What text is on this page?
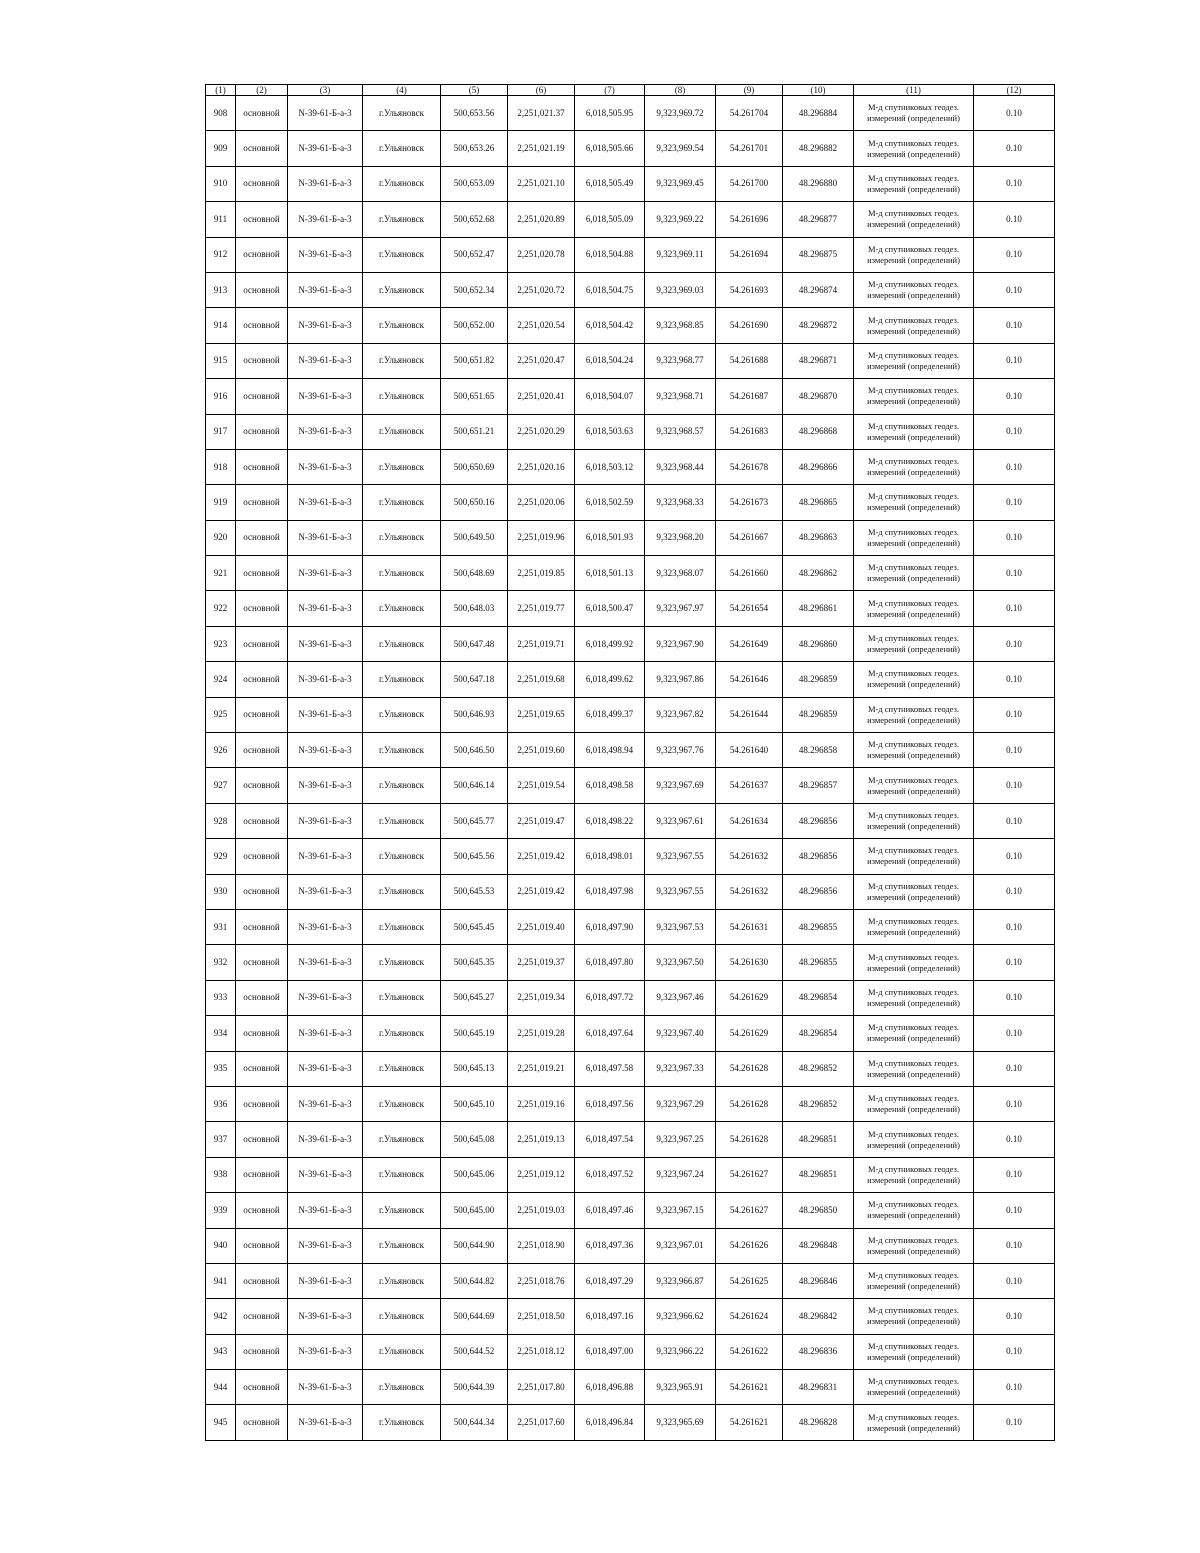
(1)	(2)	(3)	(4)	(5)	(6)	(7)	(8)	(9)	(10)	(11)	(12)
908	основной	N-39-61-Б-а-3	г.Ульяновск	500,653.56	2,251,021.37	6,018,505.95	9,323,969.72	54.261704	48.296884	М-д спутниковых геодез. измерений (определений)	0.10
909	основной	N-39-61-Б-а-3	г.Ульяновск	500,653.26	2,251,021.19	6,018,505.66	9,323,969.54	54.261701	48.296882	М-д спутниковых геодез. измерений (определений)	0.10
910	основной	N-39-61-Б-а-3	г.Ульяновск	500,653.09	2,251,021.10	6,018,505.49	9,323,969.45	54.261700	48.296880	М-д спутниковых геодез. измерений (определений)	0.10
911	основной	N-39-61-Б-а-3	г.Ульяновск	500,652.68	2,251,020.89	6,018,505.09	9,323,969.22	54.261696	48.296877	М-д спутниковых геодез. измерений (определений)	0.10
912	основной	N-39-61-Б-а-3	г.Ульяновск	500,652.47	2,251,020.78	6,018,504.88	9,323,969.11	54.261694	48.296875	М-д спутниковых геодез. измерений (определений)	0.10
913	основной	N-39-61-Б-а-3	г.Ульяновск	500,652.34	2,251,020.72	6,018,504.75	9,323,969.03	54.261693	48.296874	М-д спутниковых геодез. измерений (определений)	0.10
914	основной	N-39-61-Б-а-3	г.Ульяновск	500,652.00	2,251,020.54	6,018,504.42	9,323,968.85	54.261690	48.296872	М-д спутниковых геодез. измерений (определений)	0.10
915	основной	N-39-61-Б-а-3	г.Ульяновск	500,651.82	2,251,020.47	6,018,504.24	9,323,968.77	54.261688	48.296871	М-д спутниковых геодез. измерений (определений)	0.10
916	основной	N-39-61-Б-а-3	г.Ульяновск	500,651.65	2,251,020.41	6,018,504.07	9,323,968.71	54.261687	48.296870	М-д спутниковых геодез. измерений (определений)	0.10
917	основной	N-39-61-Б-а-3	г.Ульяновск	500,651.21	2,251,020.29	6,018,503.63	9,323,968.57	54.261683	48.296868	М-д спутниковых геодез. измерений (определений)	0.10
918	основной	N-39-61-Б-а-3	г.Ульяновск	500,650.69	2,251,020.16	6,018,503.12	9,323,968.44	54.261678	48.296866	М-д спутниковых геодез. измерений (определений)	0.10
919	основной	N-39-61-Б-а-3	г.Ульяновск	500,650.16	2,251,020.06	6,018,502.59	9,323,968.33	54.261673	48.296865	М-д спутниковых геодез. измерений (определений)	0.10
920	основной	N-39-61-Б-а-3	г.Ульяновск	500,649.50	2,251,019.96	6,018,501.93	9,323,968.20	54.261667	48.296863	М-д спутниковых геодез. измерений (определений)	0.10
921	основной	N-39-61-Б-а-3	г.Ульяновск	500,648.69	2,251,019.85	6,018,501.13	9,323,968.07	54.261660	48.296862	М-д спутниковых геодез. измерений (определений)	0.10
922	основной	N-39-61-Б-а-3	г.Ульяновск	500,648.03	2,251,019.77	6,018,500.47	9,323,967.97	54.261654	48.296861	М-д спутниковых геодез. измерений (определений)	0.10
923	основной	N-39-61-Б-а-3	г.Ульяновск	500,647.48	2,251,019.71	6,018,499.92	9,323,967.90	54.261649	48.296860	М-д спутниковых геодез. измерений (определений)	0.10
924	основной	N-39-61-Б-а-3	г.Ульяновск	500,647.18	2,251,019.68	6,018,499.62	9,323,967.86	54.261646	48.296859	М-д спутниковых геодез. измерений (определений)	0.10
925	основной	N-39-61-Б-а-3	г.Ульяновск	500,646.93	2,251,019.65	6,018,499.37	9,323,967.82	54.261644	48.296859	М-д спутниковых геодез. измерений (определений)	0.10
926	основной	N-39-61-Б-а-3	г.Ульяновск	500,646.50	2,251,019.60	6,018,498.94	9,323,967.76	54.261640	48.296858	М-д спутниковых геодез. измерений (определений)	0.10
927	основной	N-39-61-Б-а-3	г.Ульяновск	500,646.14	2,251,019.54	6,018,498.58	9,323,967.69	54.261637	48.296857	М-д спутниковых геодез. измерений (определений)	0.10
928	основной	N-39-61-Б-а-3	г.Ульяновск	500,645.77	2,251,019.47	6,018,498.22	9,323,967.61	54.261634	48.296856	М-д спутниковых геодез. измерений (определений)	0.10
929	основной	N-39-61-Б-а-3	г.Ульяновск	500,645.56	2,251,019.42	6,018,498.01	9,323,967.55	54.261632	48.296856	М-д спутниковых геодез. измерений (определений)	0.10
930	основной	N-39-61-Б-а-3	г.Ульяновск	500,645.53	2,251,019.42	6,018,497.98	9,323,967.55	54.261632	48.296856	М-д спутниковых геодез. измерений (определений)	0.10
931	основной	N-39-61-Б-а-3	г.Ульяновск	500,645.45	2,251,019.40	6,018,497.90	9,323,967.53	54.261631	48.296855	М-д спутниковых геодез. измерений (определений)	0.10
932	основной	N-39-61-Б-а-3	г.Ульяновск	500,645.35	2,251,019.37	6,018,497.80	9,323,967.50	54.261630	48.296855	М-д спутниковых геодез. измерений (определений)	0.10
933	основной	N-39-61-Б-а-3	г.Ульяновск	500,645.27	2,251,019.34	6,018,497.72	9,323,967.46	54.261629	48.296854	М-д спутниковых геодез. измерений (определений)	0.10
934	основной	N-39-61-Б-а-3	г.Ульяновск	500,645.19	2,251,019.28	6,018,497.64	9,323,967.40	54.261629	48.296854	М-д спутниковых геодез. измерений (определений)	0.10
935	основной	N-39-61-Б-а-3	г.Ульяновск	500,645.13	2,251,019.21	6,018,497.58	9,323,967.33	54.261628	48.296852	М-д спутниковых геодез. измерений (определений)	0.10
936	основной	N-39-61-Б-а-3	г.Ульяновск	500,645.10	2,251,019.16	6,018,497.56	9,323,967.29	54.261628	48.296852	М-д спутниковых геодез. измерений (определений)	0.10
937	основной	N-39-61-Б-а-3	г.Ульяновск	500,645.08	2,251,019.13	6,018,497.54	9,323,967.25	54.261628	48.296851	М-д спутниковых геодез. измерений (определений)	0.10
938	основной	N-39-61-Б-а-3	г.Ульяновск	500,645.06	2,251,019.12	6,018,497.52	9,323,967.24	54.261627	48.296851	М-д спутниковых геодез. измерений (определений)	0.10
939	основной	N-39-61-Б-а-3	г.Ульяновск	500,645.00	2,251,019.03	6,018,497.46	9,323,967.15	54.261627	48.296850	М-д спутниковых геодез. измерений (определений)	0.10
940	основной	N-39-61-Б-а-3	г.Ульяновск	500,644.90	2,251,018.90	6,018,497.36	9,323,967.01	54.261626	48.296848	М-д спутниковых геодез. измерений (определений)	0.10
941	основной	N-39-61-Б-а-3	г.Ульяновск	500,644.82	2,251,018.76	6,018,497.29	9,323,966.87	54.261625	48.296846	М-д спутниковых геодез. измерений (определений)	0.10
942	основной	N-39-61-Б-а-3	г.Ульяновск	500,644.69	2,251,018.50	6,018,497.16	9,323,966.62	54.261624	48.296842	М-д спутниковых геодез. измерений (определений)	0.10
943	основной	N-39-61-Б-а-3	г.Ульяновск	500,644.52	2,251,018.12	6,018,497.00	9,323,966.22	54.261622	48.296836	М-д спутниковых геодез. измерений (определений)	0.10
944	основной	N-39-61-Б-а-3	г.Ульяновск	500,644.39	2,251,017.80	6,018,496.88	9,323,965.91	54.261621	48.296831	М-д спутниковых геодез. измерений (определений)	0.10
945	основной	N-39-61-Б-а-3	г.Ульяновск	500,644.34	2,251,017.60	6,018,496.84	9,323,965.69	54.261621	48.296828	М-д спутниковых геодез. измерений (определений)	0.10
